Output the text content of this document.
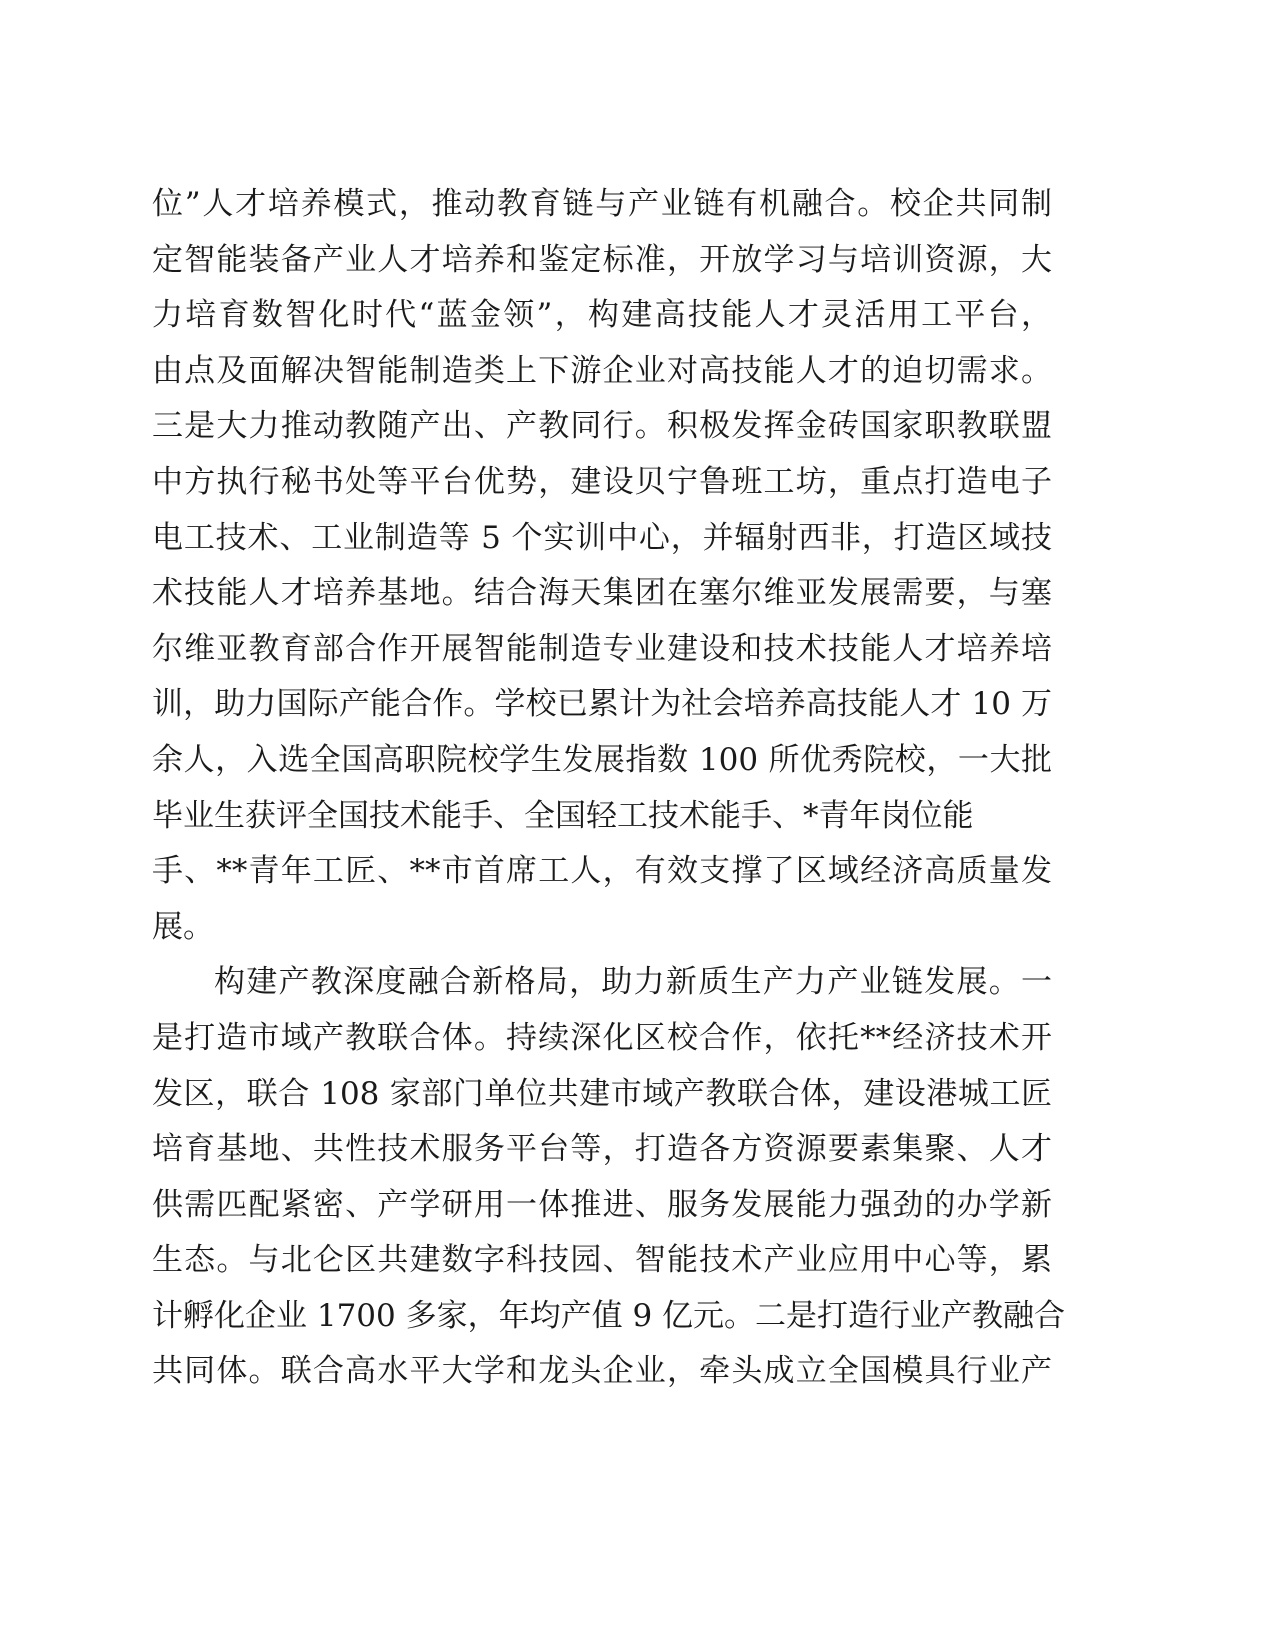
位”人才培养模式，推动教育链与产业链有机融合。校企共同制
定智能装备产业人才培养和鉴定标准，开放学习与培训资源，大
力培育数智化时代“蓝金领”，构建高技能人才灵活用工平台，
由点及面解决智能制造类上下游企业对高技能人才的迫切需求。
三是大力推动教随产出、产教同行。积极发挥金砖国家职教联盟
中方执行秘书处等平台优势，建设贝宁鲁班工坊，重点打造电子
电工技术、工业制造等 5 个实训中心，并辐射西非，打造区域技
术技能人才培养基地。结合海天集团在塞尔维亚发展需要，与塞
尔维亚教育部合作开展智能制造专业建设和技术技能人才培养培
训，助力国际产能合作。学校已累计为社会培养高技能人才 10 万
余人，入选全国高职院校学生发展指数 100 所优秀院校，一大批
毕业生获评全国技术能手、全国轻工技术能手、*青年岗位能
手、**青年工匠、**市首席工人，有效支撑了区域经济高质量发
展。
构建产教深度融合新格局，助力新质生产力产业链发展。一
是打造市域产教联合体。持续深化区校合作，依托**经济技术开
发区，联合 108 家部门单位共建市域产教联合体，建设港城工匠
培育基地、共性技术服务平台等，打造各方资源要素集聚、人才
供需匹配紧密、产学研用一体推进、服务发展能力强劲的办学新
生态。与北仑区共建数字科技园、智能技术产业应用中心等，累
计孵化企业 1700 多家，年均产值 9 亿元。二是打造行业产教融合
共同体。联合高水平大学和龙头企业，牵头成立全国模具行业产
